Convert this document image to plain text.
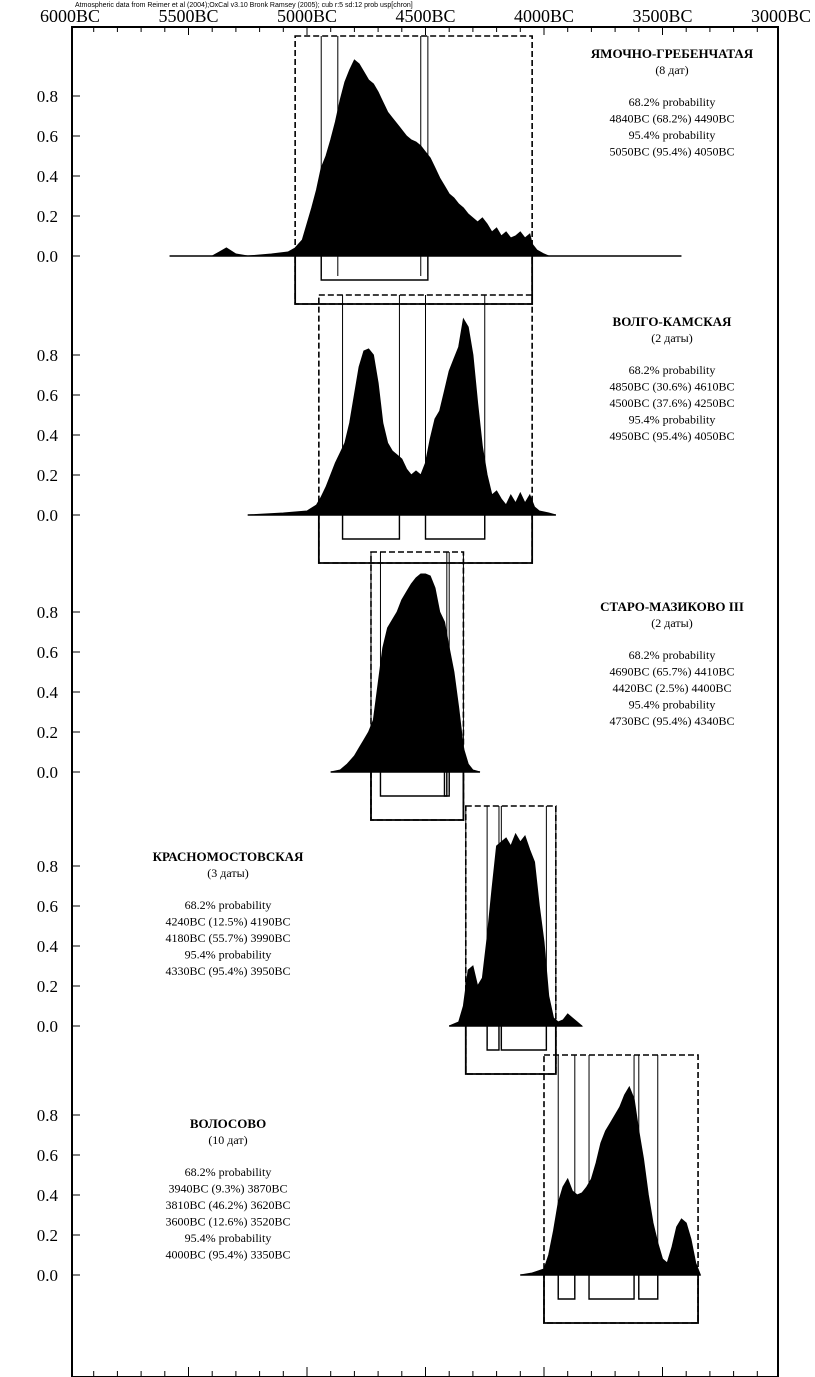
Atmospheric data from Reimer et al (2004);OxCal v3.10 Bronk Ramsey (2005); cub r:5 sd:12 prob usp[chron]
6000BC	5500BC	5000BC	4500BC	4000BC	3500BC	3000BC
0.0
0.2
0.4
0.6
0.8
ЯМОЧНО-ГРЕБЕНЧАТАЯ
(8 дат)
68.2% probability
4840BC (68.2%) 4490BC
95.4% probability
5050BC (95.4%) 4050BC
0.0
0.2
0.4
0.6
0.8
ВОЛГО-КАМСКАЯ
(2 даты)
68.2% probability
4850BC (30.6%) 4610BC
4500BC (37.6%) 4250BC
95.4% probability
4950BC (95.4%) 4050BC
0.0
0.2
0.4
0.6
0.8	СТАРО-МАЗИКОВО III
(2 даты)
68.2% probability
4690BC (65.7%) 4410BC
4420BC (2.5%) 4400BC
95.4% probability
4730BC (95.4%) 4340BC
0.0
0.2
0.4
0.6
0.8
КРАСНОМОСТОВСКАЯ
(3 даты)
68.2% probability
4240BC (12.5%) 4190BC
4180BC (55.7%) 3990BC
95.4% probability
4330BC (95.4%) 3950BC
0.0
0.2
0.4
0.6
0.8	ВОЛОСОВО
(10 дат)
68.2% probability
3940BC (9.3%) 3870BC
3810BC (46.2%) 3620BC
3600BC (12.6%) 3520BC
95.4% probability
4000BC (95.4%) 3350BC
